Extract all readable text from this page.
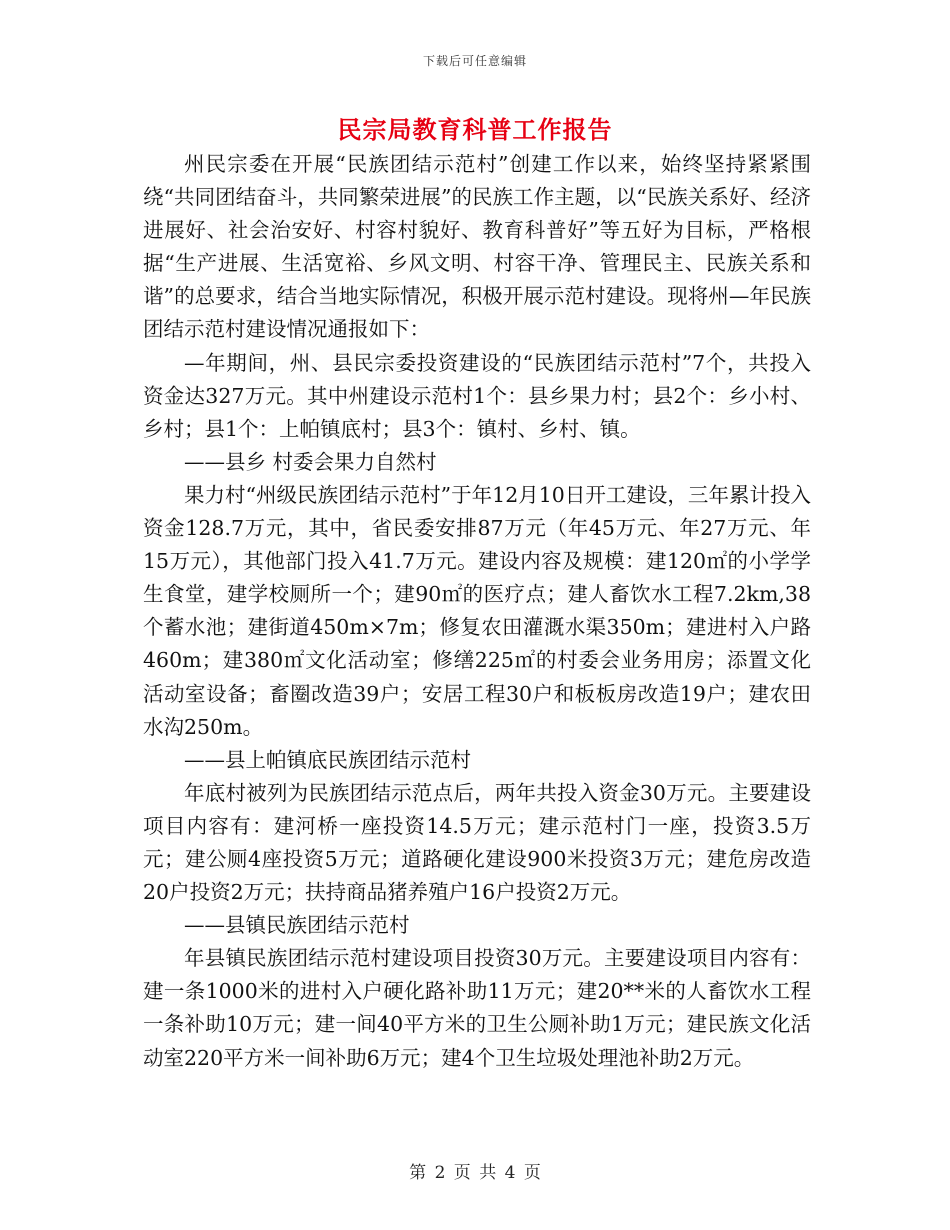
下载后可任意编辑
民宗局教育科普工作报告

州民宗委在开展“民族团结示范村”创建工作以来，始终坚持紧紧围绕“共同团结奋斗，共同繁荣进展”的民族工作主题，以“民族关系好、经济进展好、社会治安好、村容村貌好、教育科普好”等五好为目标，严格根据“生产进展、生活宽裕、乡风文明、村容干净、管理民主、民族关系和谐”的总要求，结合当地实际情况，积极开展示范村建设。现将州—年民族团结示范村建设情况通报如下：

—年期间，州、县民宗委投资建设的“民族团结示范村”7个，共投入资金达327万元。其中州建设示范村1个：县乡果力村；县2个：乡小村、乡村；县1个：上帕镇底村；县3个：镇村、乡村、镇。

——县乡 村委会果力自然村

果力村“州级民族团结示范村”于年12月10日开工建设，三年累计投入资金128.7万元，其中，省民委安排87万元（年45万元、年27万元、年15万元），其他部门投入41.7万元。建设内容及规模：建120㎡的小学学生食堂，建学校厕所一个；建90㎡的医疗点；建人畜饮水工程7.2km,38个蓄水池；建街道450m×7m；修复农田灌溉水渠350m；建进村入户路460m；建380㎡文化活动室；修缮225㎡的村委会业务用房；添置文化活动室设备；畜圈改造39户；安居工程30户和板板房改造19户；建农田水沟250m。

——县上帕镇底民族团结示范村

年底村被列为民族团结示范点后，两年共投入资金30万元。主要建设项目内容有：建河桥一座投资14.5万元；建示范村门一座，投资3.5万元；建公厕4座投资5万元；道路硬化建设900米投资3万元；建危房改造20户投资2万元；扶持商品猪养殖户16户投资2万元。

——县镇民族团结示范村

年县镇民族团结示范村建设项目投资30万元。主要建设项目内容有：建一条1000米的进村入户硬化路补助11万元；建20**米的人畜饮水工程一条补助10万元；建一间40平方米的卫生公厕补助1万元；建民族文化活动室220平方米一间补助6万元；建4个卫生垃圾处理池补助2万元。

第 2 页 共 4 页
